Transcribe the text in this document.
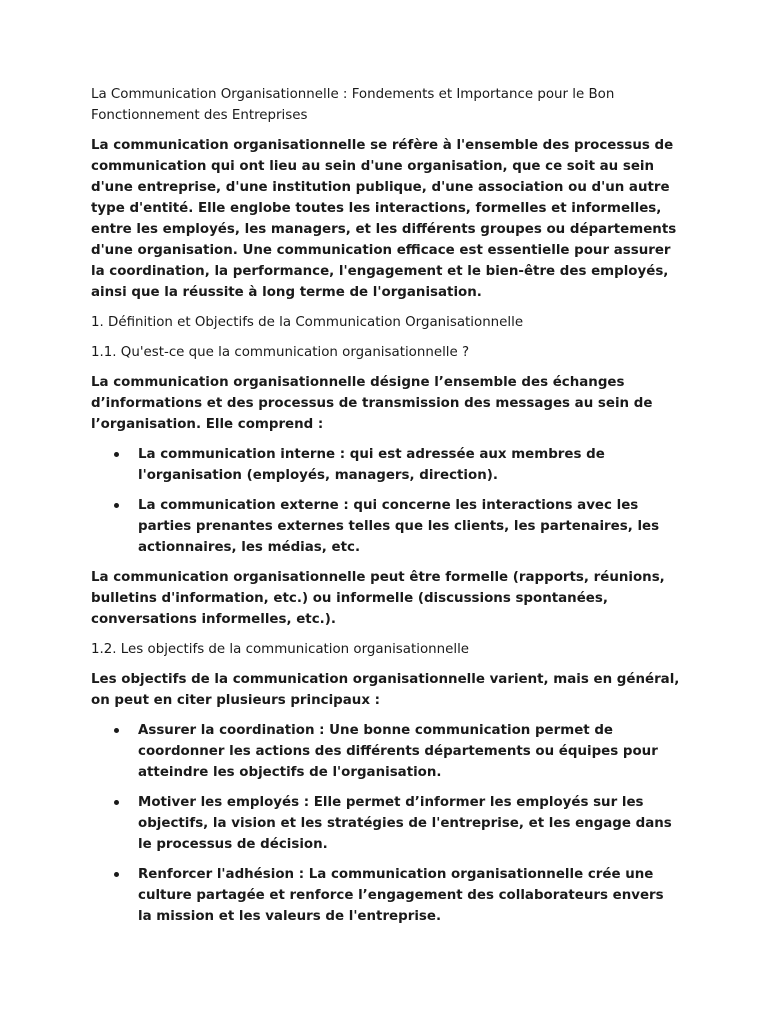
La Communication Organisationnelle : Fondements et Importance pour le Bon Fonctionnement des Entreprises

La communication organisationnelle se réfère à l'ensemble des processus de communication qui ont lieu au sein d'une organisation, que ce soit au sein d'une entreprise, d'une institution publique, d'une association ou d'un autre type d'entité. Elle englobe toutes les interactions, formelles et informelles, entre les employés, les managers, et les différents groupes ou départements d'une organisation. Une communication efficace est essentielle pour assurer la coordination, la performance, l'engagement et le bien-être des employés, ainsi que la réussite à long terme de l'organisation.

1. Définition et Objectifs de la Communication Organisationnelle

1.1. Qu'est-ce que la communication organisationnelle ?

La communication organisationnelle désigne l’ensemble des échanges d’informations et des processus de transmission des messages au sein de l’organisation. Elle comprend :

La communication interne : qui est adressée aux membres de l'organisation (employés, managers, direction).
La communication externe : qui concerne les interactions avec les parties prenantes externes telles que les clients, les partenaires, les actionnaires, les médias, etc.

La communication organisationnelle peut être formelle (rapports, réunions, bulletins d'information, etc.) ou informelle (discussions spontanées, conversations informelles, etc.).

1.2. Les objectifs de la communication organisationnelle

Les objectifs de la communication organisationnelle varient, mais en général, on peut en citer plusieurs principaux :

Assurer la coordination : Une bonne communication permet de coordonner les actions des différents départements ou équipes pour atteindre les objectifs de l'organisation.
Motiver les employés : Elle permet d’informer les employés sur les objectifs, la vision et les stratégies de l'entreprise, et les engage dans le processus de décision.
Renforcer l'adhésion : La communication organisationnelle crée une culture partagée et renforce l’engagement des collaborateurs envers la mission et les valeurs de l'entreprise.
